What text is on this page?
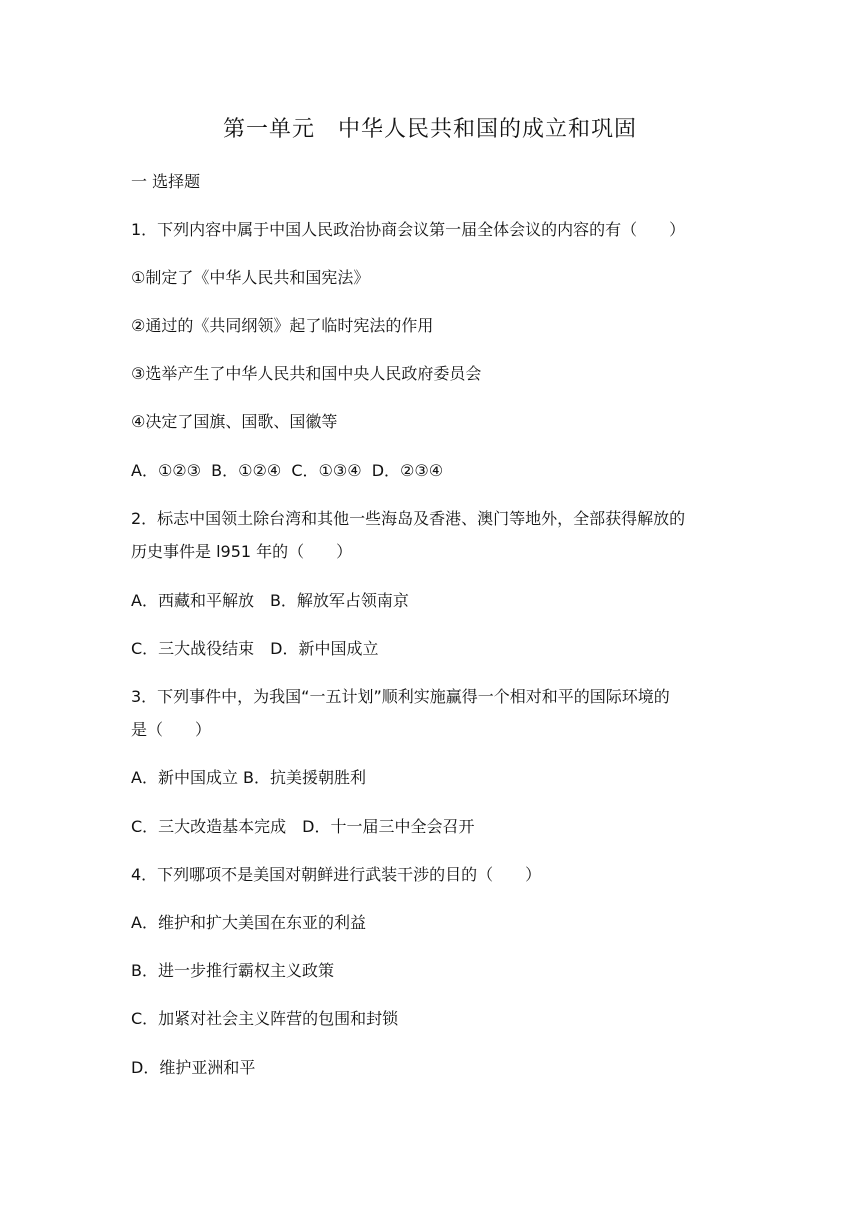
第一单元　中华人民共和国的成立和巩固

一 选择题

1．下列内容中属于中国人民政治协商会议第一届全体会议的内容的有（　　）

①制定了《中华人民共和国宪法》

②通过的《共同纲领》起了临时宪法的作用

③选举产生了中华人民共和国中央人民政府委员会

④决定了国旗、国歌、国徽等

A．①②③  B．①②④  C．①③④  D．②③④

2．标志中国领土除台湾和其他一些海岛及香港、澳门等地外，全部获得解放的

历史事件是 l951 年的（　　）

A．西藏和平解放　B．解放军占领南京

C．三大战役结束　D．新中国成立

3．下列事件中，为我国“一五计划”顺利实施赢得一个相对和平的国际环境的

是（　　）

A．新中国成立 B．抗美援朝胜利

C．三大改造基本完成　D．十一届三中全会召开

4．下列哪项不是美国对朝鲜进行武装干涉的目的（　　）

A．维护和扩大美国在东亚的利益

B．进一步推行霸权主义政策

C．加紧对社会主义阵营的包围和封锁

D．维护亚洲和平
